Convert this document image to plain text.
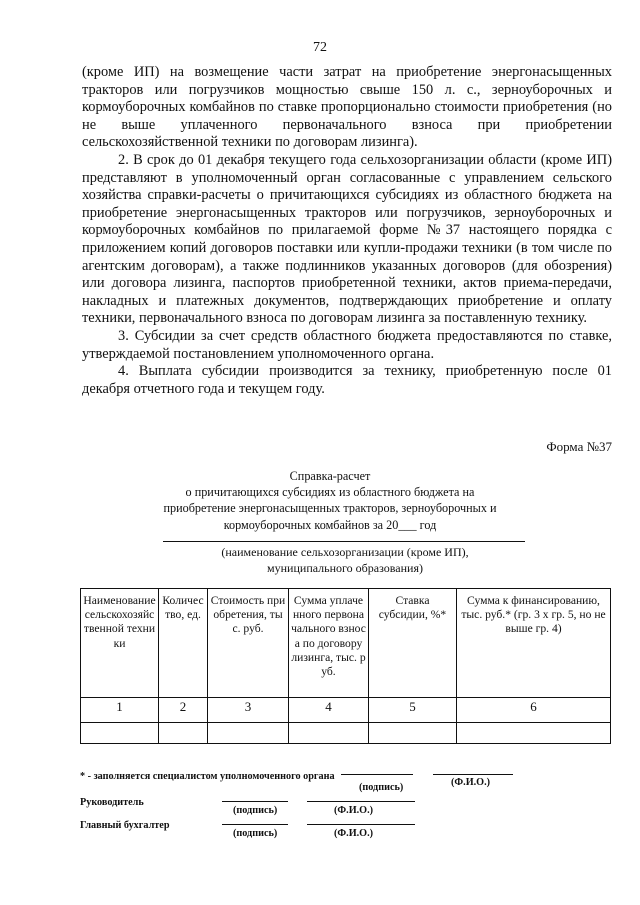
72

(кроме ИП) на возмещение части затрат на приобретение энергонасыщенных тракторов или погрузчиков мощностью свыше 150 л. с., зерноуборочных и кормоуборочных комбайнов по ставке пропорционально стоимости приобретения (но не выше уплаченного первоначального взноса при приобретении сельскохозяйственной техники по договорам лизинга).

2. В срок до 01 декабря текущего года сельхозорганизации области (кроме ИП) представляют в уполномоченный орган согласованные с управлением сельского хозяйства справки-расчеты о причитающихся субсидиях из областного бюджета на приобретение энергонасыщенных тракторов или погрузчиков, зерноуборочных и кормоуборочных комбайнов по прилагаемой форме №37 настоящего порядка с приложением копий договоров поставки или купли-продажи техники (в том числе по агентским договорам), а также подлинников указанных договоров (для обозрения) или договора лизинга, паспортов приобретенной техники, актов приема-передачи, накладных и платежных документов, подтверждающих приобретение и оплату техники, первоначального взноса по договорам лизинга за поставленную технику.

3. Субсидии за счет средств областного бюджета предоставляются по ставке, утверждаемой постановлением уполномоченного органа.

4. Выплата субсидии производится за технику, приобретенную после 01 декабря отчетного года и текущем году.

Форма №37
Справка-расчет
о причитающихся субсидиях из областного бюджета на
приобретение энергонасыщенных тракторов, зерноуборочных и
кормоуборочных комбайнов за 20___ год
(наименование сельхозорганизации (кроме ИП),
муниципального образования)
Наименование сельскохозяйственной техники	Количество, ед.	Стоимость приобретения, тыс. руб.	Сумма уплаченного первоначального взноса по договору лизинга, тыс. руб.	Ставка субсидии, %*	Сумма к финансированию, тыс. руб.* (гр. 3 х гр. 5, но не выше гр. 4)
1	2	3	4	5	6

* - заполняется специалистом уполномоченного органа
(подпись)	(Ф.И.О.)
Руководитель
(подпись)	(Ф.И.О.)
Главный бухгалтер
(подпись)	(Ф.И.О.)
